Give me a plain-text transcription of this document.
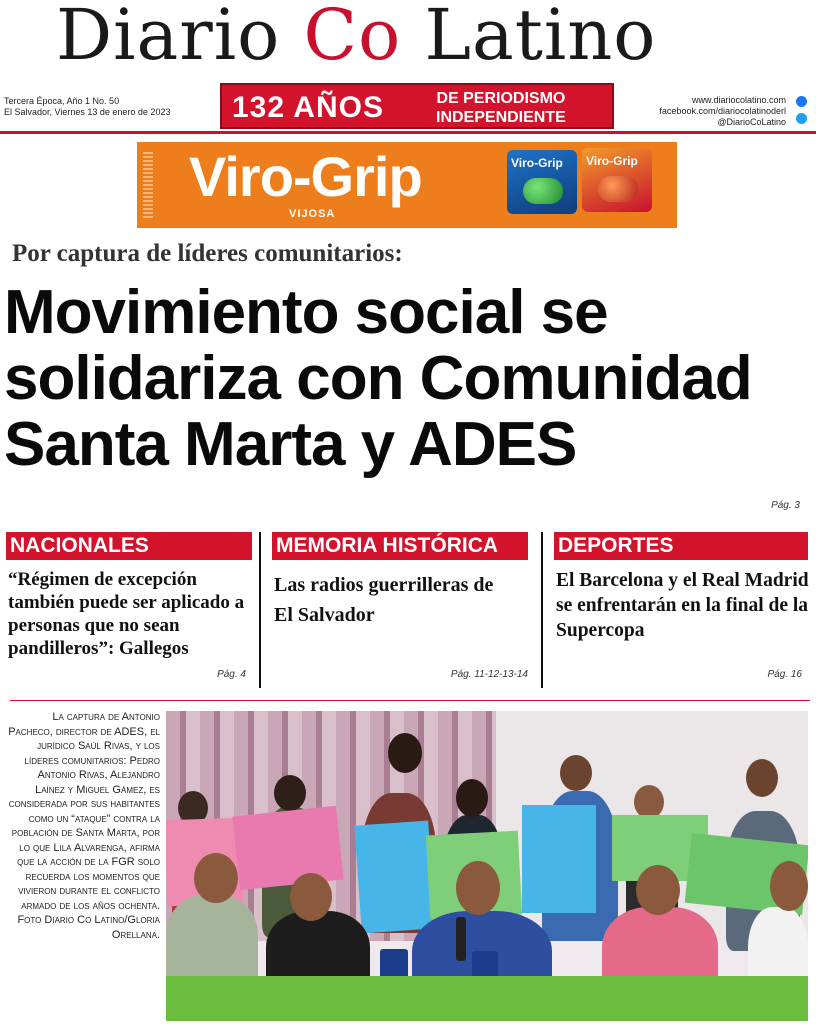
Diario Co Latino
Tercera Época, Año 1 No. 50
El Salvador, Viernes 13 de enero de 2023 132 AÑOS	DE PERIODISMO
INDEPENDIENTE
www.diariocolatino.com
facebook.com/diariocolatinoderl
@DiarioCoLatino
Viro-Grip
VIJOSA
Viro-Grip Viro-Grip
Por captura de líderes comunitarios:
Movimiento social se solidariza con Comunidad Santa Marta y ADES
Pág. 3
NACIONALES
“Régimen de excepción también puede ser aplicado a personas que no sean pandilleros”: Gallegos
Pág. 4
MEMORIA HISTÓRICA
Las radios guerrilleras de El Salvador
Pág. 11-12-13-14
DEPORTES
El Barcelona y el Real Madrid se enfrentarán en la final de la Supercopa
Pág. 16
La captura de Antonio Pacheco, director de ADES, el jurídico Saúl Rivas, y los líderes comunitarios: Pedro Antonio Rivas, Alejandro Laínez y Miguel Gámez, es considerada por sus habitantes como un “ataque” contra la población de Santa Marta, por lo que Lila Alvarenga, afirma que la acción de la FGR solo recuerda los momentos que vivieron durante el conflicto armado de los años ochenta. Foto Diario Co Latino/Gloria Orellana.
